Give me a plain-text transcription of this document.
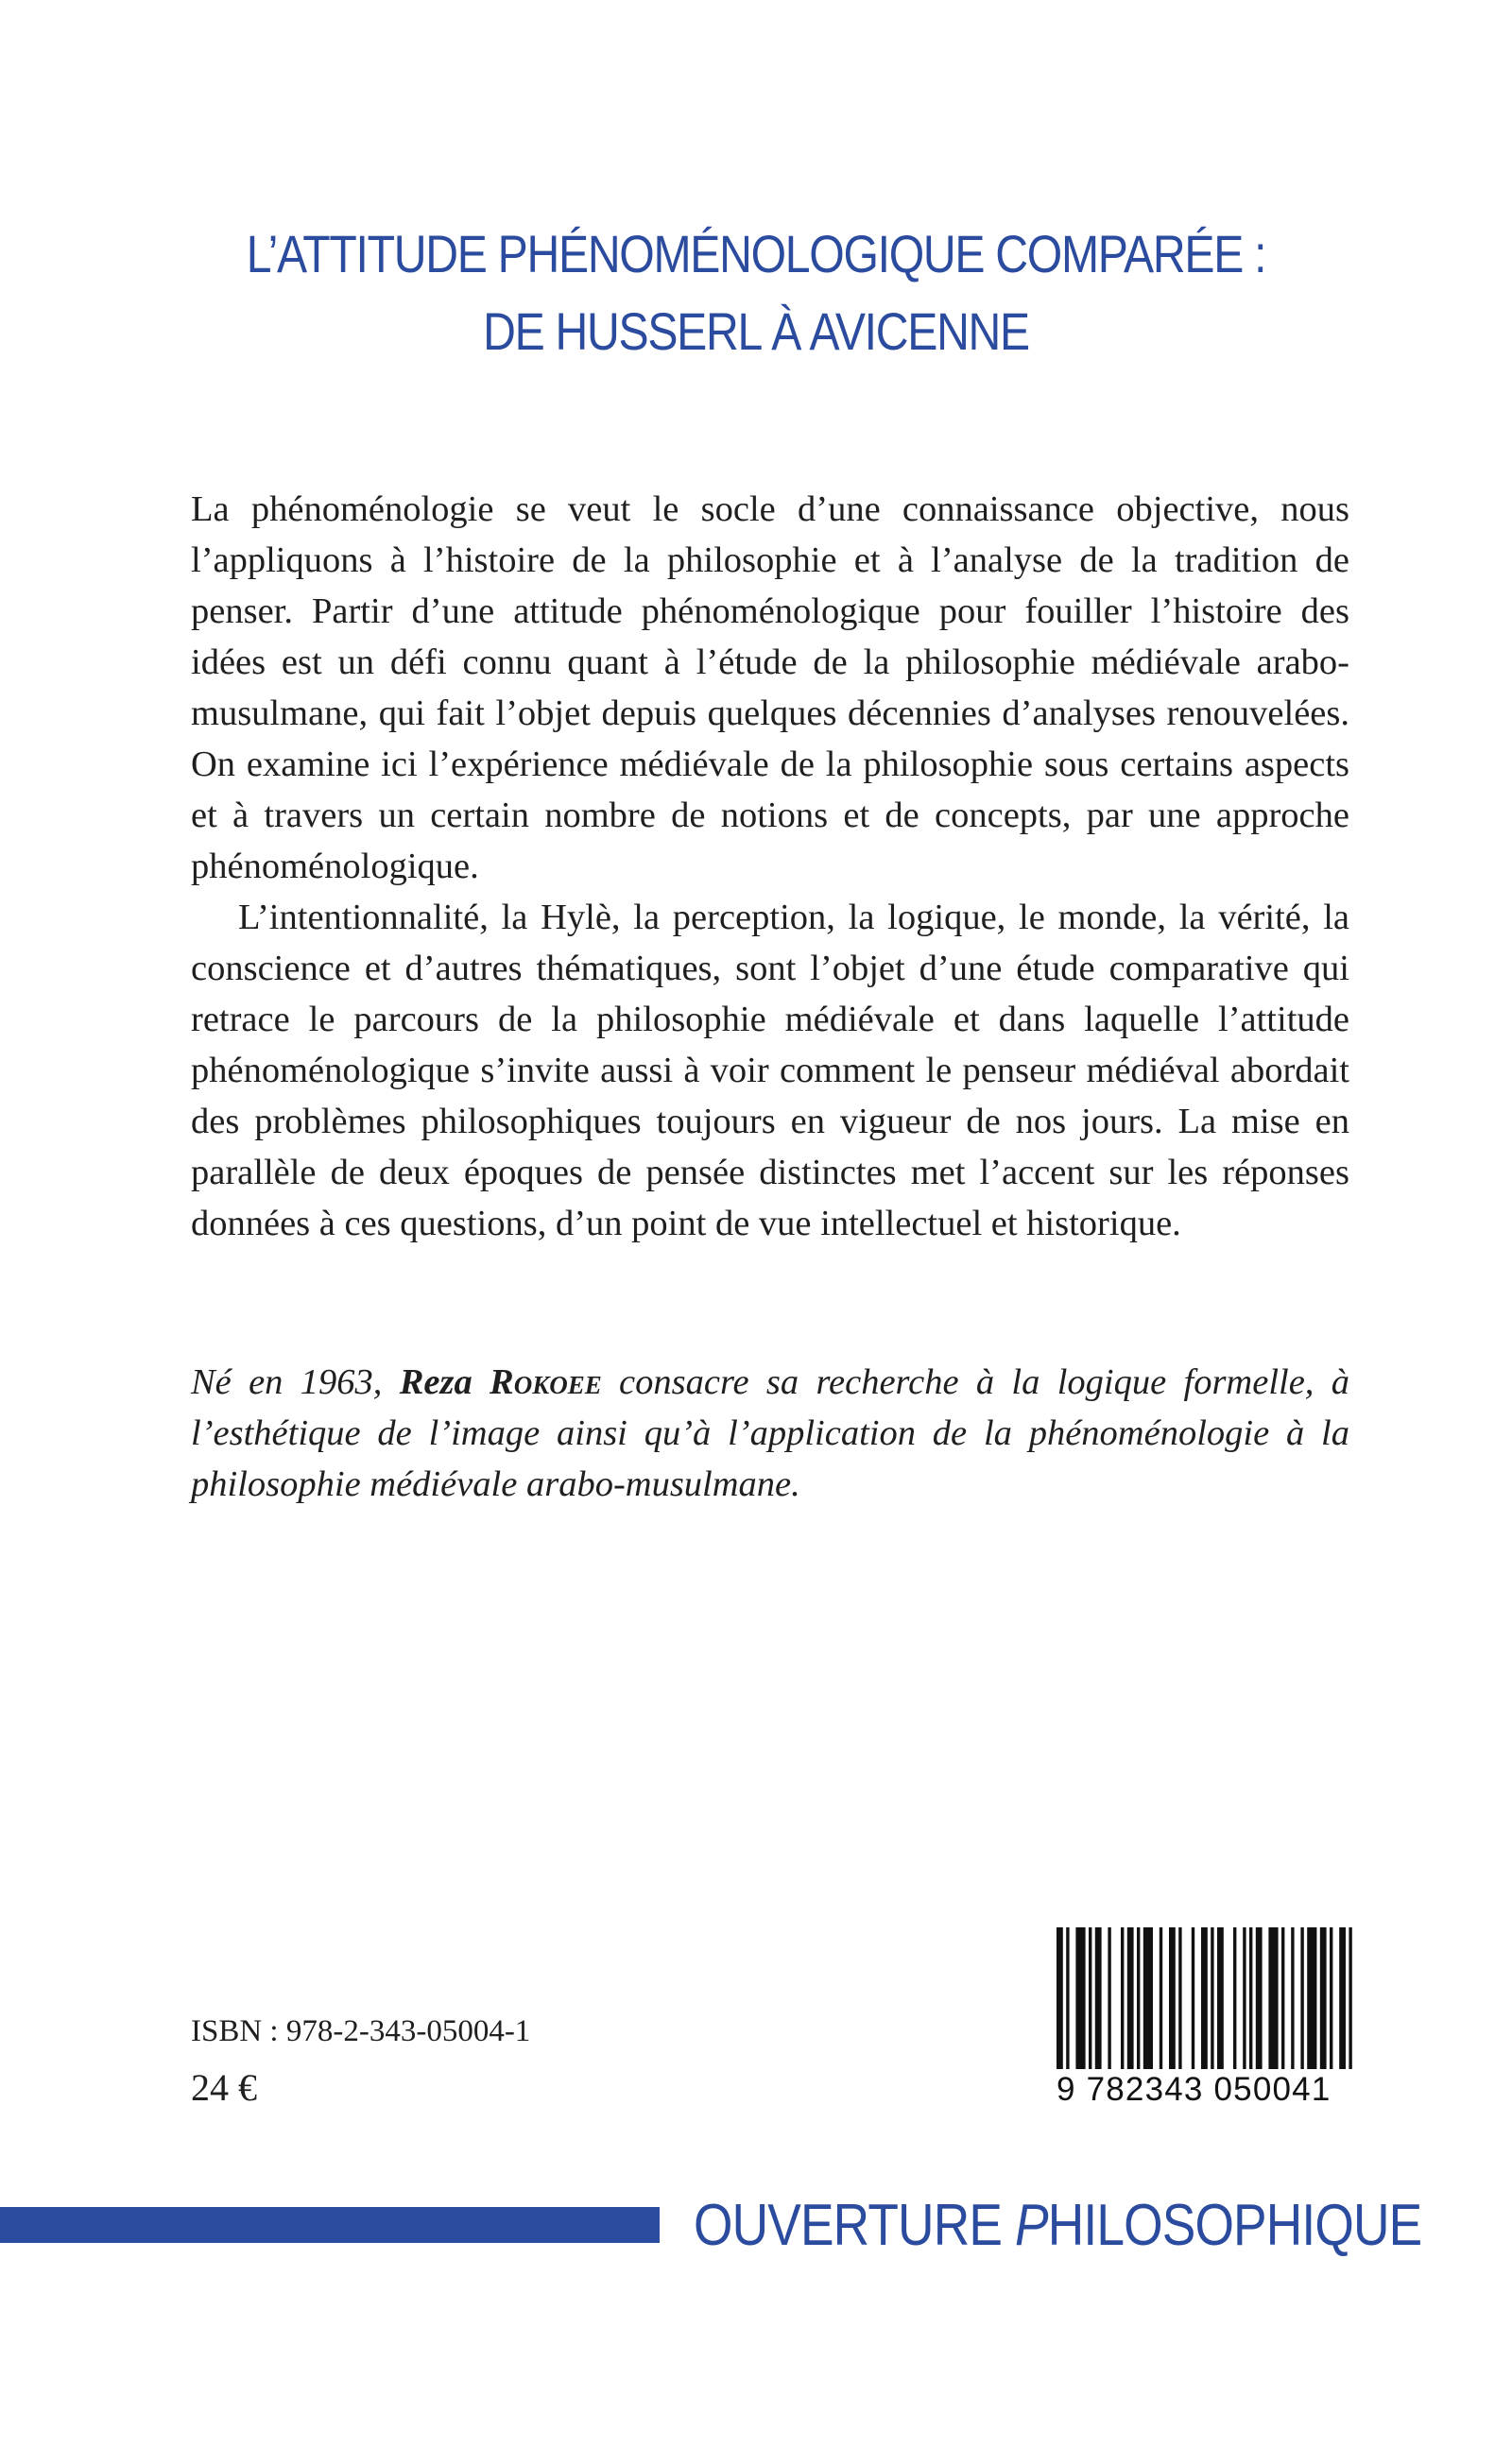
L’ATTITUDE PHÉNOMÉNOLOGIQUE COMPARÉE :
DE HUSSERL À AVICENNE

La phénoménologie se veut le socle d’une connaissance objective, nous l’appliquons à l’histoire de la philosophie et à l’analyse de la tradition de penser. Partir d’une attitude phénoménologique pour fouiller l’histoire des idées est un défi connu quant à l’étude de la philosophie médiévale arabo-musulmane, qui fait l’objet depuis quelques décennies d’analyses renouvelées. On examine ici l’expérience médiévale de la philosophie sous certains aspects et à travers un certain nombre de notions et de concepts, par une approche phénoménologique.

L’intentionnalité, la Hylè, la perception, la logique, le monde, la vérité, la conscience et d’autres thématiques, sont l’objet d’une étude comparative qui retrace le parcours de la philosophie médiévale et dans laquelle l’attitude phénoménologique s’invite aussi à voir comment le penseur médiéval abordait des problèmes philosophiques toujours en vigueur de nos jours. La mise en parallèle de deux époques de pensée distinctes met l’accent sur les réponses données à ces questions, d’un point de vue intellectuel et historique.

Né en 1963, Reza Rokoee consacre sa recherche à la logique formelle, à l’esthétique de l’image ainsi qu’à l’application de la phénoménologie à la philosophie médiévale arabo-musulmane.
ISBN : 978-2-343-05004-1
24 €	9 782343 050041
OUVERTURE PHILOSOPHIQUE
